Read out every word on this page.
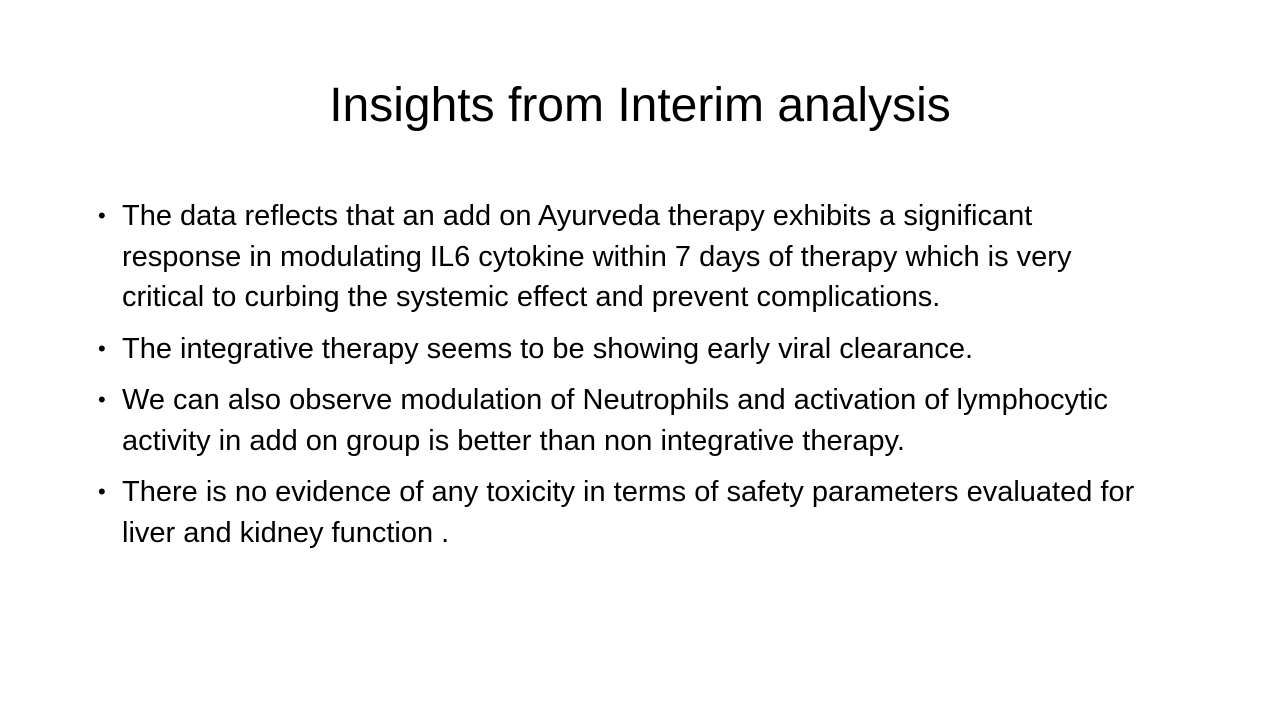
Insights from Interim analysis
• The data reflects that an add on Ayurveda therapy exhibits a significant response in modulating IL6 cytokine within 7 days of therapy which is very critical to curbing the systemic effect and prevent complications.
• The integrative therapy seems to be showing early viral clearance.
• We can also observe modulation of Neutrophils and activation of lymphocytic activity in add on group is better than non integrative therapy.
• There is no evidence of any toxicity in terms of safety parameters evaluated for liver and kidney function .
